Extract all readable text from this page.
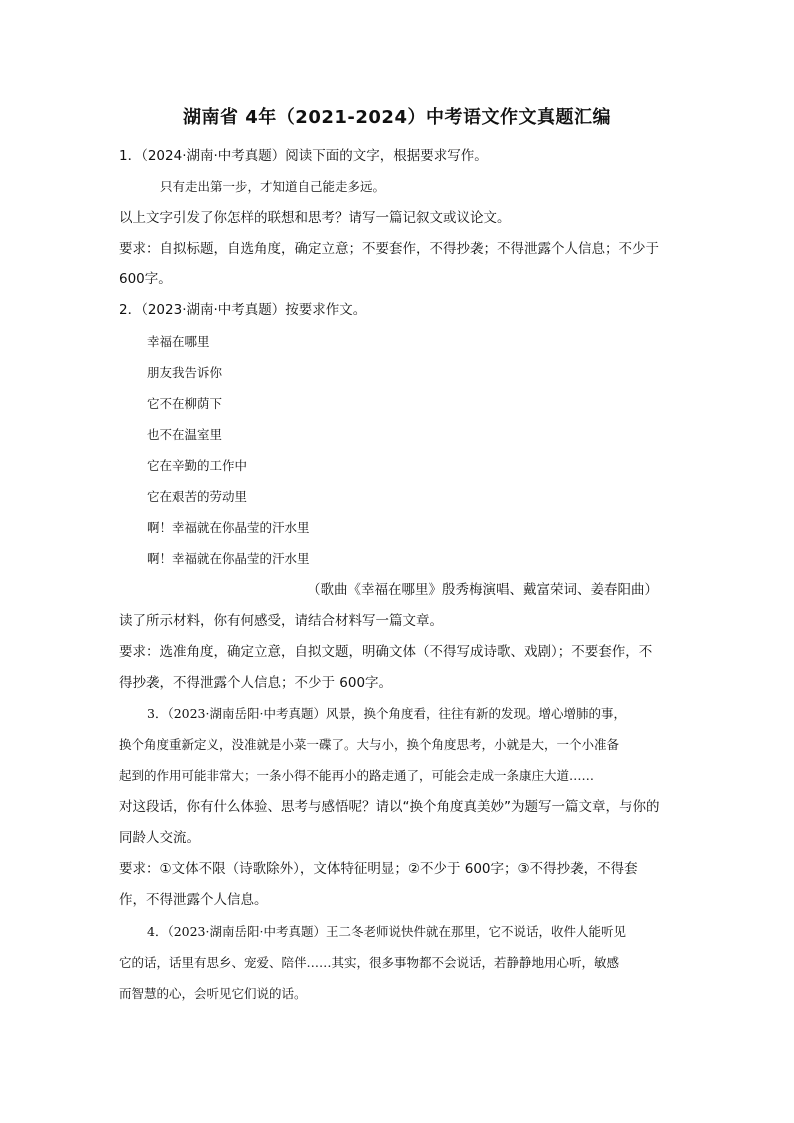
湖南省 4年（2021-2024）中考语文作文真题汇编
1．（2024·湖南·中考真题）阅读下面的文字，根据要求写作。
只有走出第一步，才知道自己能走多远。
以上文字引发了你怎样的联想和思考？请写一篇记叙文或议论文。
要求：自拟标题，自选角度，确定立意；不要套作，不得抄袭；不得泄露个人信息；不少于
600字。
2．（2023·湖南·中考真题）按要求作文。
幸福在哪里
朋友我告诉你
它不在柳荫下
也不在温室里
它在辛勤的工作中
它在艰苦的劳动里
啊！幸福就在你晶莹的汗水里
啊！幸福就在你晶莹的汗水里
（歌曲《幸福在哪里》殷秀梅演唱、戴富荣词、姜春阳曲）
读了所示材料，你有何感受，请结合材料写一篇文章。
要求：选准角度，确定立意，自拟文题，明确文体（不得写成诗歌、戏剧）；不要套作，不
得抄袭，不得泄露个人信息；不少于 600字。
3．（2023·湖南岳阳·中考真题）风景，换个角度看，往往有新的发现。增心增肺的事，
换个角度重新定义，没准就是小菜一碟了。大与小，换个角度思考，小就是大，一个小准备
起到的作用可能非常大；一条小得不能再小的路走通了，可能会走成一条康庄大道……
对这段话，你有什么体验、思考与感悟呢？请以“换个角度真美妙”为题写一篇文章，与你的
同龄人交流。
要求：①文体不限（诗歌除外），文体特征明显；②不少于 600字；③不得抄袭，不得套
作，不得泄露个人信息。
4．（2023·湖南岳阳·中考真题）王二冬老师说快件就在那里，它不说话，收件人能听见
它的话，话里有思乡、宠爱、陪伴……其实，很多事物都不会说话，若静静地用心听，敏感
而智慧的心，会听见它们说的话。
